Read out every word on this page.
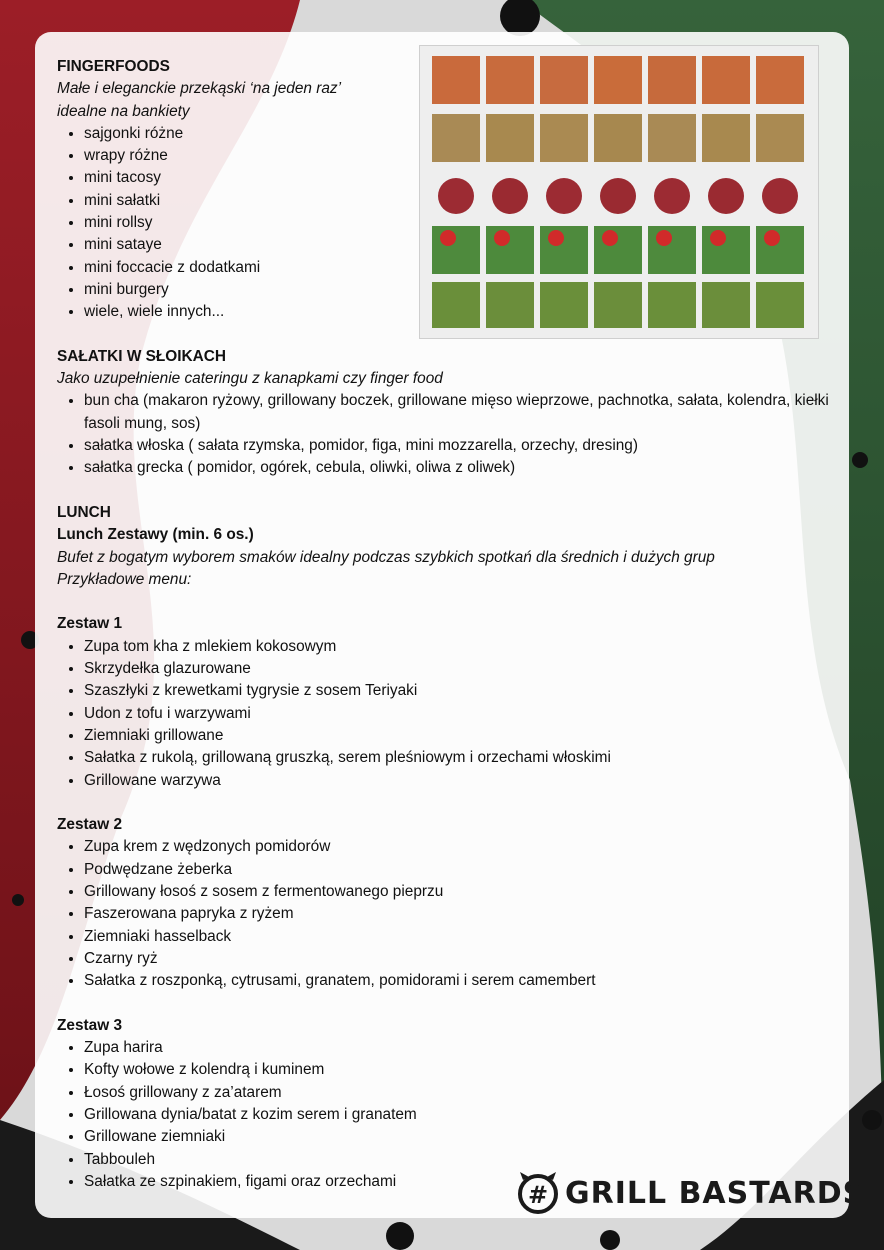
FINGERFOODS

Małe i eleganckie przekąski ‘na jeden raz’

idealne na bankiety

• sajgonki różne
• wrapy różne
• mini tacosy
• mini sałatki
• mini rollsy
• mini sataye
• mini foccacie z dodatkami
• mini burgery
• wiele, wiele innych...
SAŁATKI W SŁOIKACH

Jako uzupełnienie cateringu z kanapkami czy finger food

• bun cha (makaron ryżowy, grillowany boczek, grillowane mięso wieprzowe, pachnotka, sałata, kolendra, kiełki fasoli mung, sos)
• sałatka włoska ( sałata rzymska, pomidor, figa, mini mozzarella, orzechy, dresing)
• sałatka grecka ( pomidor, ogórek, cebula, oliwki, oliwa z oliwek)
LUNCH
Lunch Zestawy (min. 6 os.)

Bufet z bogatym wyborem smaków idealny podczas szybkich spotkań dla średnich i dużych grup

Przykładowe menu:

Zestaw 1
• Zupa tom kha z mlekiem kokosowym
• Skrzydełka glazurowane
• Szaszłyki z krewetkami tygrysie z sosem Teriyaki
• Udon z tofu i warzywami
• Ziemniaki grillowane
• Sałatka z rukolą, grillowaną gruszką, serem pleśniowym i orzechami włoskimi
• Grillowane warzywa
Zestaw 2
• Zupa krem z wędzonych pomidorów
• Podwędzane żeberka
• Grillowany łosoś z sosem z fermentowanego pieprzu
• Faszerowana papryka z ryżem
• Ziemniaki hasselback
• Czarny ryż
• Sałatka z roszponką, cytrusami, granatem, pomidorami i serem camembert
Zestaw 3
• Zupa harira
• Kofty wołowe z kolendrą i kuminem
• Łosoś grillowany z za’atarem
• Grillowana dynia/batat z kozim serem i granatem
• Grillowane ziemniaki
• Tabbouleh
• Sałatka ze szpinakiem, figami oraz orzechami	# GRILL BASTARDS
